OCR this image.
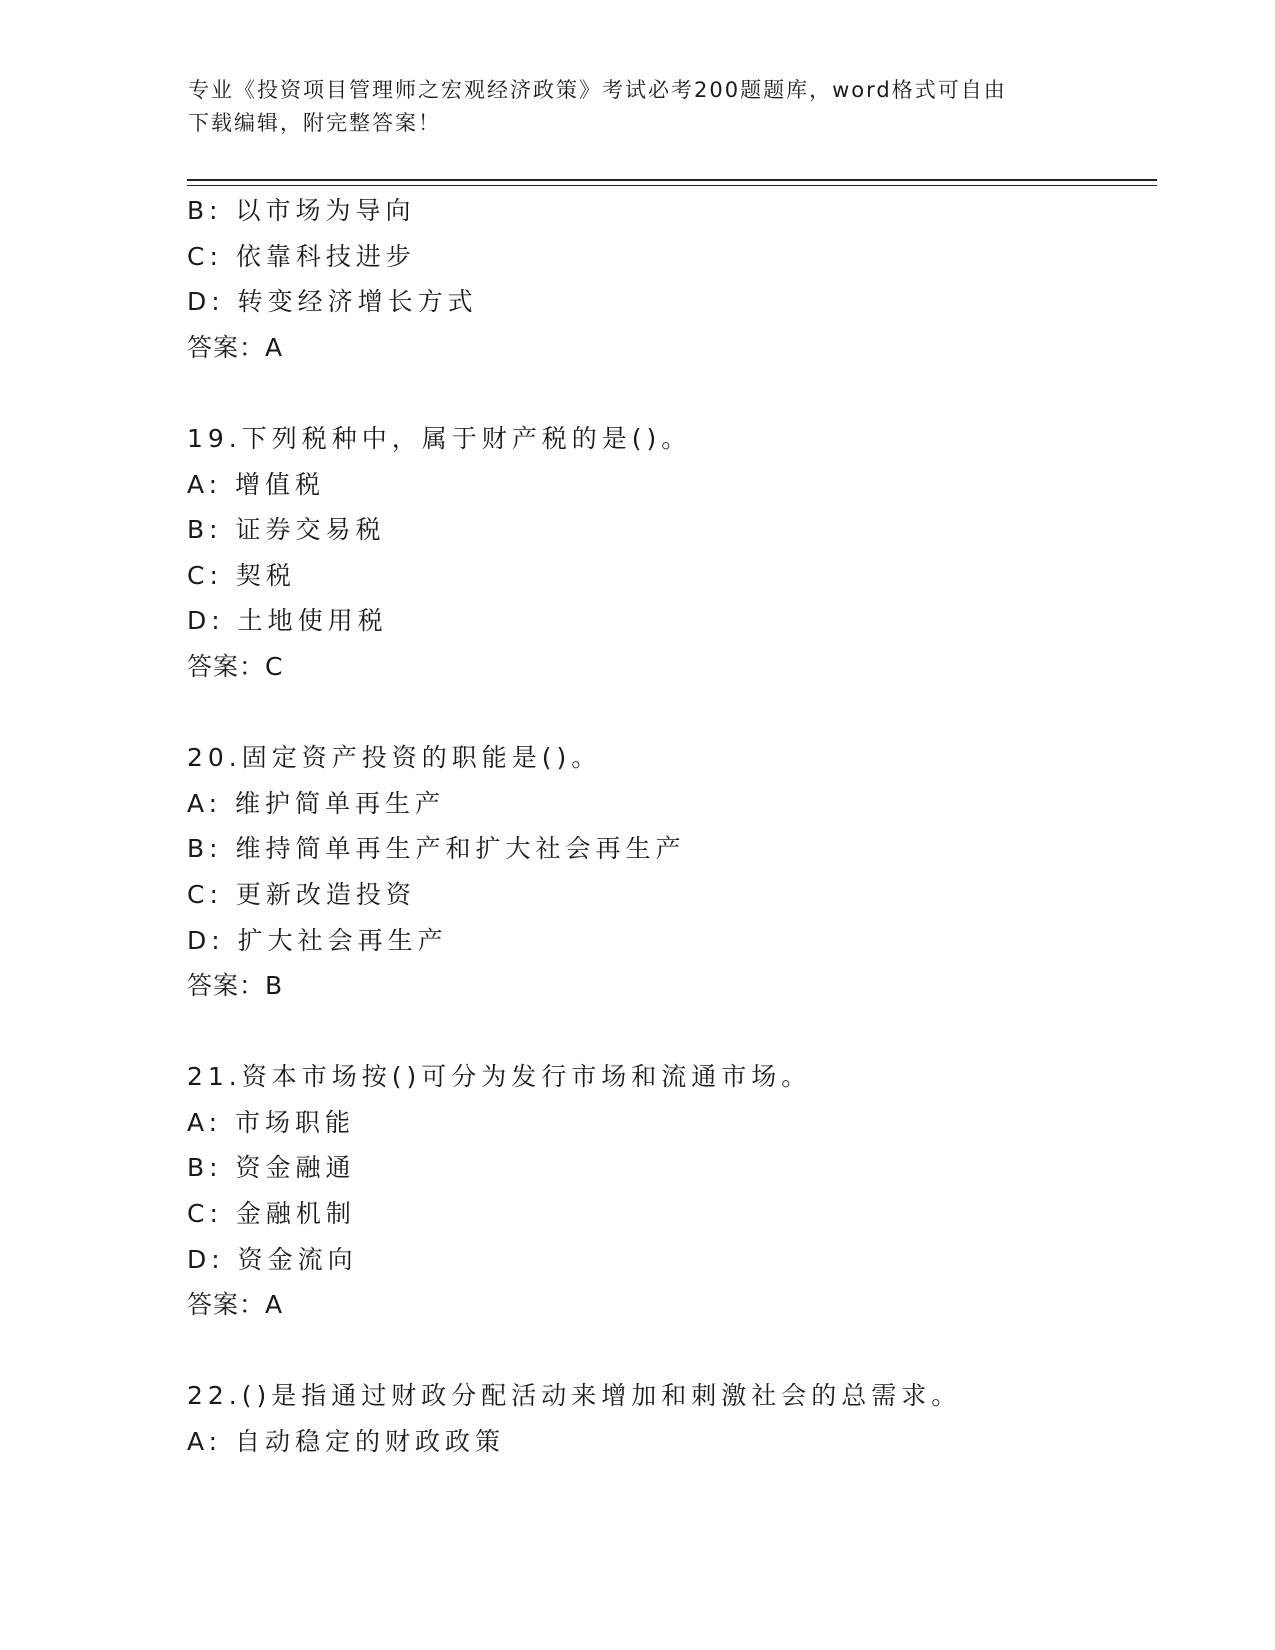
专业《投资项目管理师之宏观经济政策》考试必考200题题库，word格式可自由
下载编辑，附完整答案！
B: 以市场为导向
C: 依靠科技进步
D: 转变经济增长方式
答案：A
19.下列税种中，属于财产税的是()。
A: 增值税
B: 证券交易税
C: 契税
D: 土地使用税
答案：C
20.固定资产投资的职能是()。
A: 维护简单再生产
B: 维持简单再生产和扩大社会再生产
C: 更新改造投资
D: 扩大社会再生产
答案：B
21.资本市场按()可分为发行市场和流通市场。
A: 市场职能
B: 资金融通
C: 金融机制
D: 资金流向
答案：A
22.()是指通过财政分配活动来增加和刺激社会的总需求。
A: 自动稳定的财政政策
